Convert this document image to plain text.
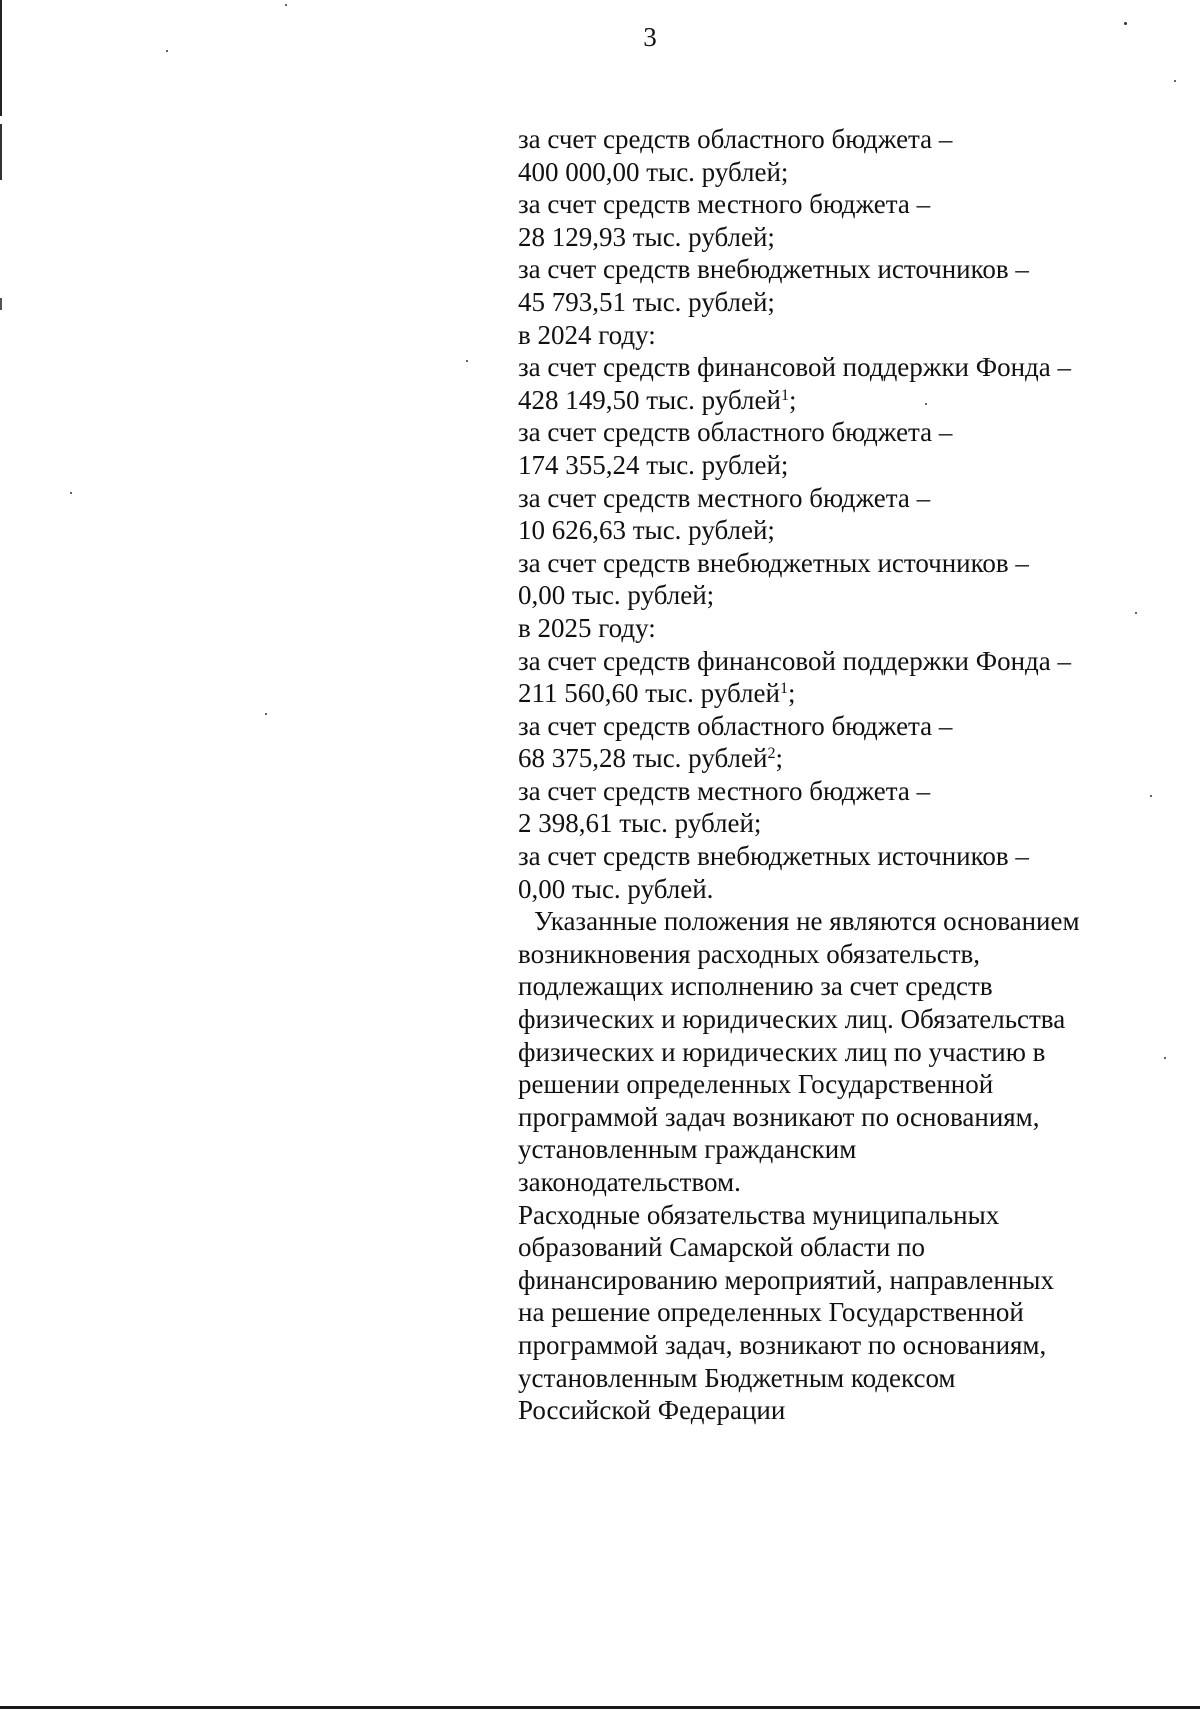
3
за счет средств областного бюджета –
400 000,00 тыс. рублей;
за счет средств местного бюджета –
28 129,93 тыс. рублей;
за счет средств внебюджетных источников –
45 793,51 тыс. рублей;
в 2024 году:
за счет средств финансовой поддержки Фонда –
428 149,50 тыс. рублей$^1$;
за счет средств областного бюджета –
174 355,24 тыс. рублей;
за счет средств местного бюджета –
10 626,63 тыс. рублей;
за счет средств внебюджетных источников –
0,00 тыс. рублей;
в 2025 году:
за счет средств финансовой поддержки Фонда –
211 560,60 тыс. рублей$^1$;
за счет средств областного бюджета –
68 375,28 тыс. рублей$^2$;
за счет средств местного бюджета –
2 398,61 тыс. рублей;
за счет средств внебюджетных источников –
0,00 тыс. рублей.
Указанные положения не являются основанием
возникновения расходных обязательств,
подлежащих исполнению за счет средств
физических и юридических лиц. Обязательства
физических и юридических лиц по участию в
решении определенных Государственной
программой задач возникают по основаниям,
установленным гражданским
законодательством.
Расходные обязательства муниципальных
образований Самарской области по
финансированию мероприятий, направленных
на решение определенных Государственной
программой задач, возникают по основаниям,
установленным Бюджетным кодексом
Российской Федерации
